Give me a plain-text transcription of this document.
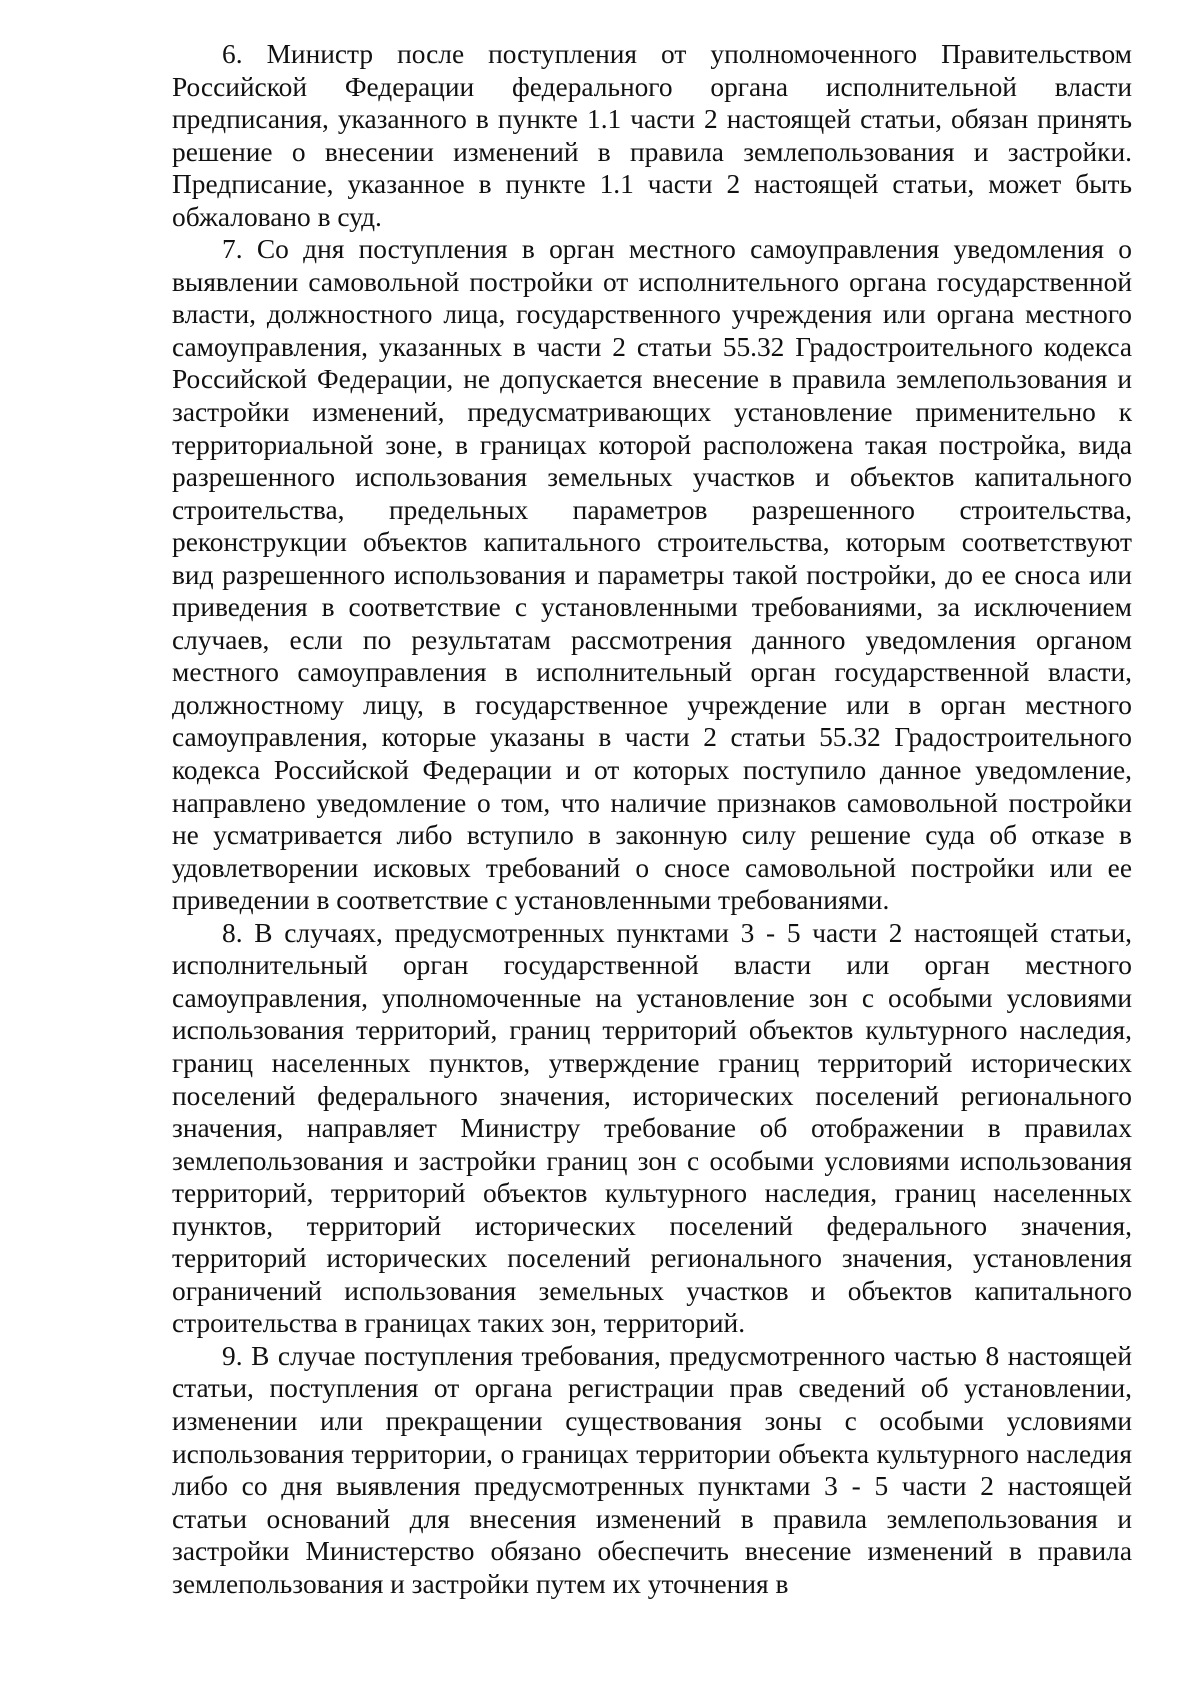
6. Министр после поступления от уполномоченного Правительством Российской Федерации федерального органа исполнительной власти предписания, указанного в пункте 1.1 части 2 настоящей статьи, обязан принять решение о внесении изменений в правила землепользования и застройки. Предписание, указанное в пункте 1.1 части 2 настоящей статьи, может быть обжаловано в суд.

7. Со дня поступления в орган местного самоуправления уведомления о выявлении самовольной постройки от исполнительного органа государственной власти, должностного лица, государственного учреждения или органа местного самоуправления, указанных в части 2 статьи 55.32 Градостроительного кодекса Российской Федерации, не допускается внесение в правила землепользования и застройки изменений, предусматривающих установление применительно к территориальной зоне, в границах которой расположена такая постройка, вида разрешенного использования земельных участков и объектов капитального строительства, предельных параметров разрешенного строительства, реконструкции объектов капитального строительства, которым соответствуют вид разрешенного использования и параметры такой постройки, до ее сноса или приведения в соответствие с установленными требованиями, за исключением случаев, если по результатам рассмотрения данного уведомления органом местного самоуправления в исполнительный орган государственной власти, должностному лицу, в государственное учреждение или в орган местного самоуправления, которые указаны в части 2 статьи 55.32 Градостроительного кодекса Российской Федерации и от которых поступило данное уведомление, направлено уведомление о том, что наличие признаков самовольной постройки не усматривается либо вступило в законную силу решение суда об отказе в удовлетворении исковых требований о сносе самовольной постройки или ее приведении в соответствие с установленными требованиями.

8. В случаях, предусмотренных пунктами 3 - 5 части 2 настоящей статьи, исполнительный орган государственной власти или орган местного самоуправления, уполномоченные на установление зон с особыми условиями использования территорий, границ территорий объектов культурного наследия, границ населенных пунктов, утверждение границ территорий исторических поселений федерального значения, исторических поселений регионального значения, направляет Министру требование об отображении в правилах землепользования и застройки границ зон с особыми условиями использования территорий, территорий объектов культурного наследия, границ населенных пунктов, территорий исторических поселений федерального значения, территорий исторических поселений регионального значения, установления ограничений использования земельных участков и объектов капитального строительства в границах таких зон, территорий.

9. В случае поступления требования, предусмотренного частью 8 настоящей статьи, поступления от органа регистрации прав сведений об установлении, изменении или прекращении существования зоны с особыми условиями использования территории, о границах территории объекта культурного наследия либо со дня выявления предусмотренных пунктами 3 - 5 части 2 настоящей статьи оснований для внесения изменений в правила землепользования и застройки Министерство обязано обеспечить внесение изменений в правила землепользования и застройки путем их уточнения в
